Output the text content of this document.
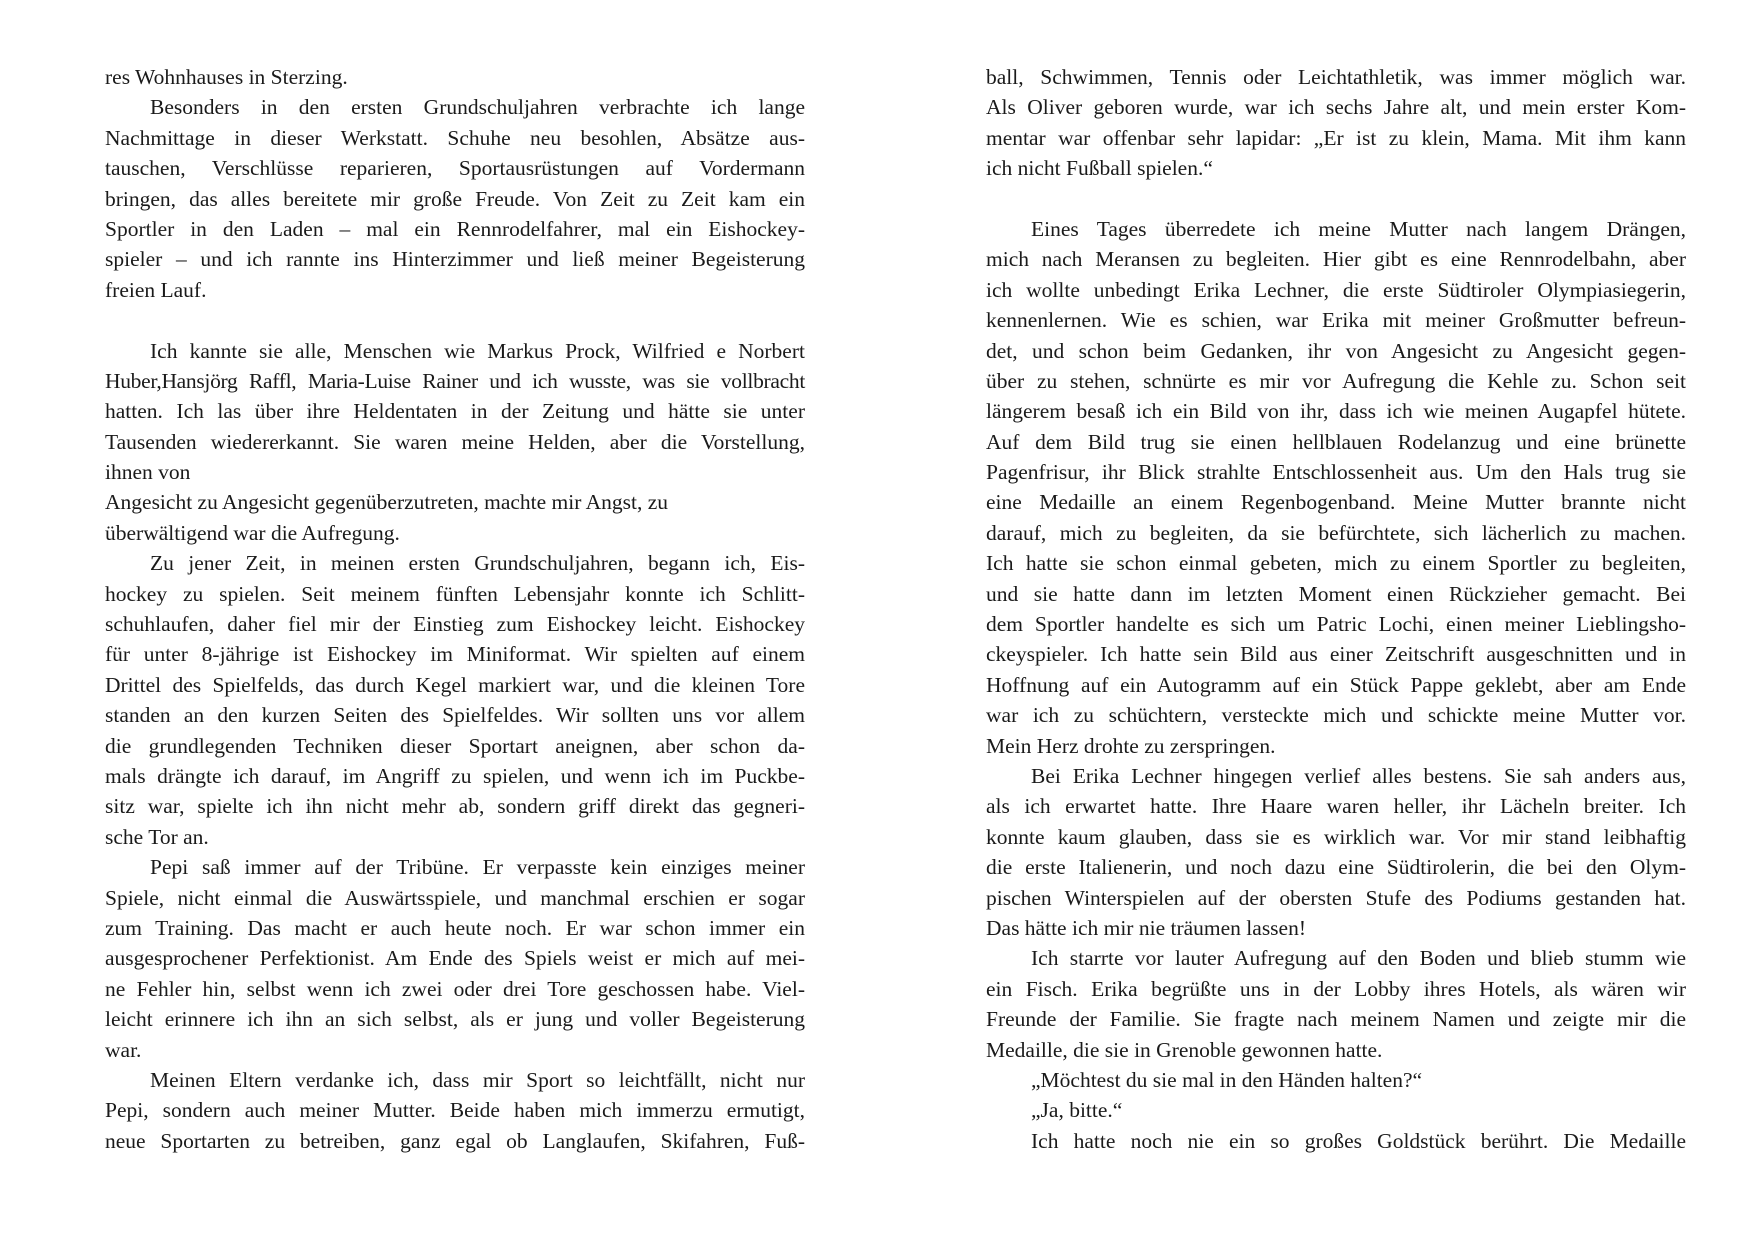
res Wohnhauses in Sterzing.
Besonders in den ersten Grundschuljahren verbrachte ich lange
Nachmittage in dieser Werkstatt. Schuhe neu besohlen, Absätze aus-
tauschen, Verschlüsse reparieren, Sportausrüstungen auf Vordermann
bringen, das alles bereitete mir große Freude. Von Zeit zu Zeit kam ein
Sportler in den Laden – mal ein Rennrodelfahrer, mal ein Eishockey-
spieler – und ich rannte ins Hinterzimmer und ließ meiner Begeisterung
freien Lauf.
Ich kannte sie alle, Menschen wie Markus Prock, Wilfried e Norbert
Huber,Hansjörg Raffl, Maria-Luise Rainer und ich wusste, was sie vollbracht
hatten. Ich las über ihre Heldentaten in der Zeitung und hätte sie unter
Tausenden wiedererkannt. Sie waren meine Helden, aber die Vorstellung,
ihnen von
Angesicht zu Angesicht gegenüberzutreten, machte mir Angst, zu
überwältigend war die Aufregung.
Zu jener Zeit, in meinen ersten Grundschuljahren, begann ich, Eis-
hockey zu spielen. Seit meinem fünften Lebensjahr konnte ich Schlitt-
schuhlaufen, daher fiel mir der Einstieg zum Eishockey leicht. Eishockey
für unter 8-jährige ist Eishockey im Miniformat. Wir spielten auf einem
Drittel des Spielfelds, das durch Kegel markiert war, und die kleinen Tore
standen an den kurzen Seiten des Spielfeldes. Wir sollten uns vor allem
die grundlegenden Techniken dieser Sportart aneignen, aber schon da-
mals drängte ich darauf, im Angriff zu spielen, und wenn ich im Puckbe-
sitz war, spielte ich ihn nicht mehr ab, sondern griff direkt das gegneri-
sche Tor an.
Pepi saß immer auf der Tribüne. Er verpasste kein einziges meiner
Spiele, nicht einmal die Auswärtsspiele, und manchmal erschien er sogar
zum Training. Das macht er auch heute noch. Er war schon immer ein
ausgesprochener Perfektionist. Am Ende des Spiels weist er mich auf mei-
ne Fehler hin, selbst wenn ich zwei oder drei Tore geschossen habe. Viel-
leicht erinnere ich ihn an sich selbst, als er jung und voller Begeisterung
war.
Meinen Eltern verdanke ich, dass mir Sport so leichtfällt, nicht nur
Pepi, sondern auch meiner Mutter. Beide haben mich immerzu ermutigt,
neue Sportarten zu betreiben, ganz egal ob Langlaufen, Skifahren, Fuß-
ball, Schwimmen, Tennis oder Leichtathletik, was immer möglich war.
Als Oliver geboren wurde, war ich sechs Jahre alt, und mein erster Kom-
mentar war offenbar sehr lapidar: „Er ist zu klein, Mama. Mit ihm kann
ich nicht Fußball spielen.“
Eines Tages überredete ich meine Mutter nach langem Drängen,
mich nach Meransen zu begleiten. Hier gibt es eine Rennrodelbahn, aber
ich wollte unbedingt Erika Lechner, die erste Südtiroler Olympiasiegerin,
kennenlernen. Wie es schien, war Erika mit meiner Großmutter befreun-
det, und schon beim Gedanken, ihr von Angesicht zu Angesicht gegen-
über zu stehen, schnürte es mir vor Aufregung die Kehle zu. Schon seit
längerem besaß ich ein Bild von ihr, dass ich wie meinen Augapfel hütete.
Auf dem Bild trug sie einen hellblauen Rodelanzug und eine brünette
Pagenfrisur, ihr Blick strahlte Entschlossenheit aus. Um den Hals trug sie
eine Medaille an einem Regenbogenband. Meine Mutter brannte nicht
darauf, mich zu begleiten, da sie befürchtete, sich lächerlich zu machen.
Ich hatte sie schon einmal gebeten, mich zu einem Sportler zu begleiten,
und sie hatte dann im letzten Moment einen Rückzieher gemacht. Bei
dem Sportler handelte es sich um Patric Lochi, einen meiner Lieblingsho-
ckeyspieler. Ich hatte sein Bild aus einer Zeitschrift ausgeschnitten und in
Hoffnung auf ein Autogramm auf ein Stück Pappe geklebt, aber am Ende
war ich zu schüchtern, versteckte mich und schickte meine Mutter vor.
Mein Herz drohte zu zerspringen.
Bei Erika Lechner hingegen verlief alles bestens. Sie sah anders aus,
als ich erwartet hatte. Ihre Haare waren heller, ihr Lächeln breiter. Ich
konnte kaum glauben, dass sie es wirklich war. Vor mir stand leibhaftig
die erste Italienerin, und noch dazu eine Südtirolerin, die bei den Olym-
pischen Winterspielen auf der obersten Stufe des Podiums gestanden hat.
Das hätte ich mir nie träumen lassen!
Ich starrte vor lauter Aufregung auf den Boden und blieb stumm wie
ein Fisch. Erika begrüßte uns in der Lobby ihres Hotels, als wären wir
Freunde der Familie. Sie fragte nach meinem Namen und zeigte mir die
Medaille, die sie in Grenoble gewonnen hatte.
„Möchtest du sie mal in den Händen halten?“
„Ja, bitte.“
Ich hatte noch nie ein so großes Goldstück berührt. Die Medaille
